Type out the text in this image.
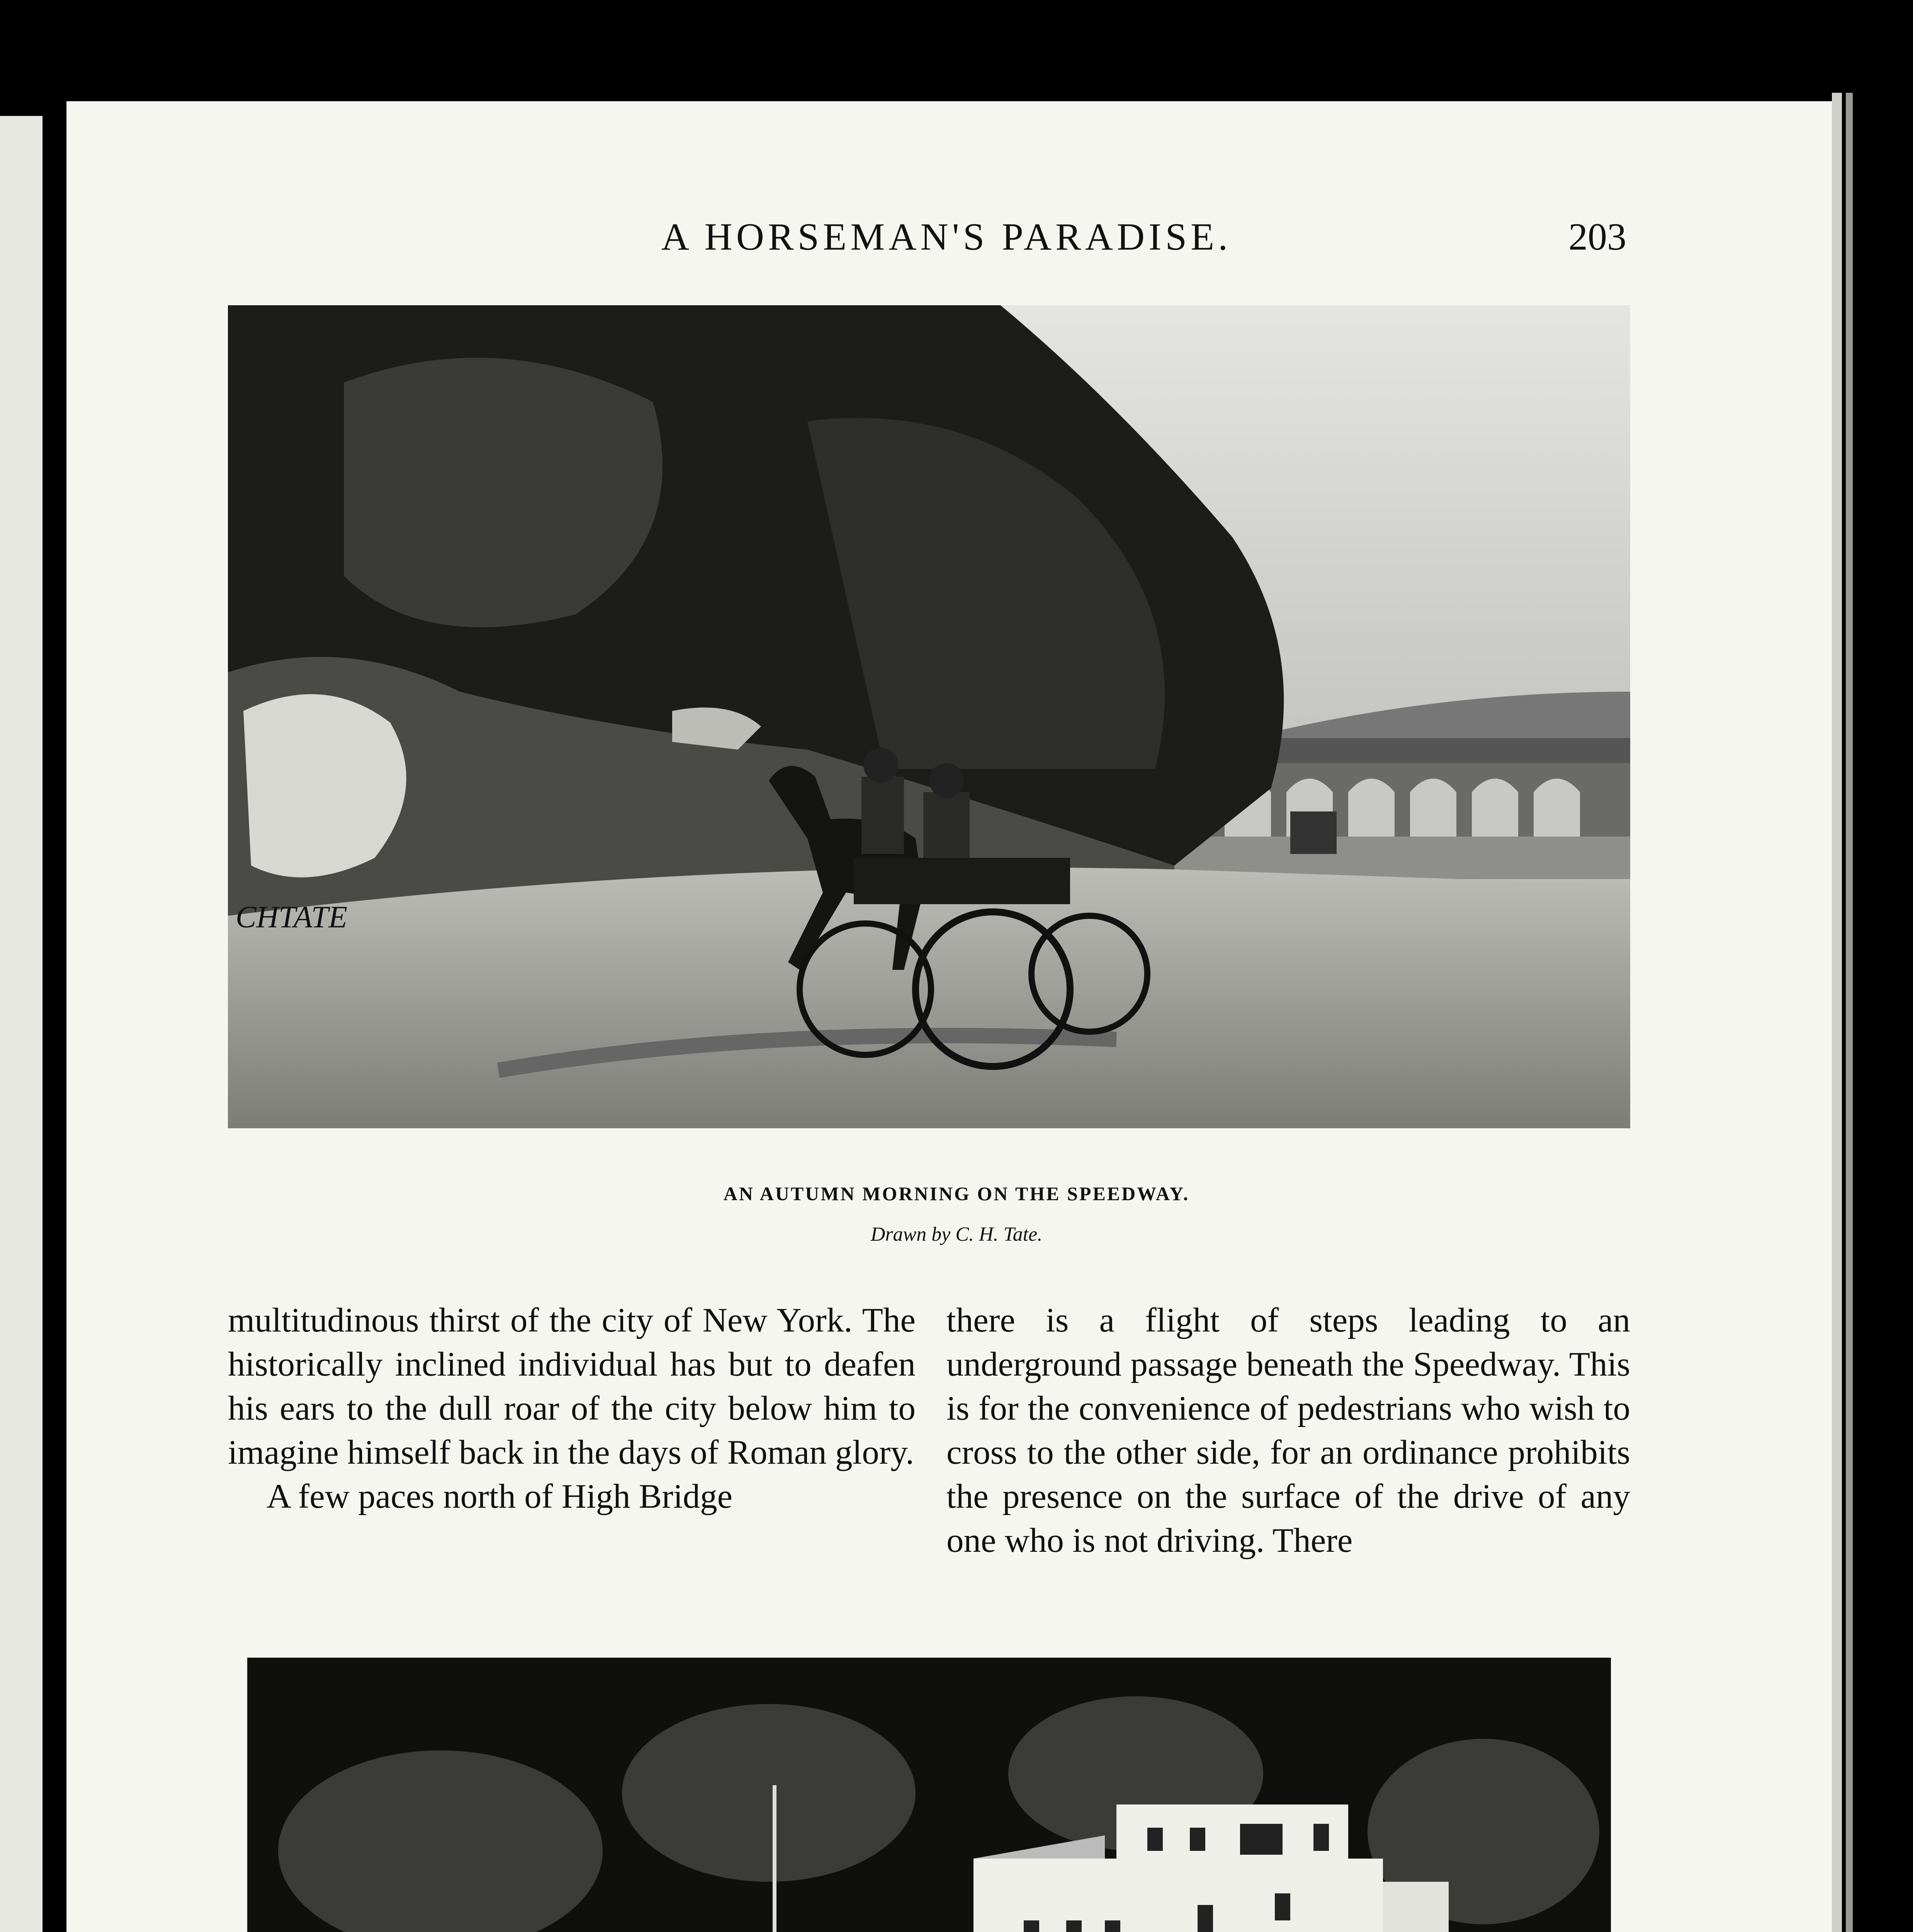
A HORSEMAN'S PARADISE.	203
CHTATE
AN AUTUMN MORNING ON THE SPEEDWAY.
Drawn by C. H. Tate.

multitudinous thirst of the city of New York. The historically inclined individual has but to deafen his ears to the dull roar of the city below him to imagine himself back in the days of Roman glory.

A few paces north of High Bridge

there is a flight of steps leading to an underground passage beneath the Speedway. This is for the convenience of pedestrians who wish to cross to the other side, for an ordinance prohibits the presence on the surface of the drive of any one who is not driving. There
